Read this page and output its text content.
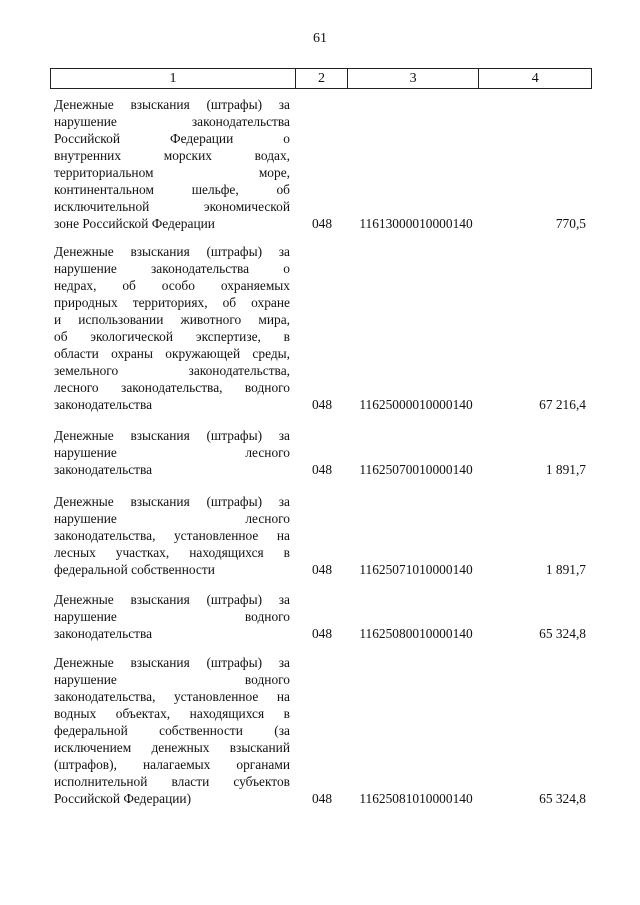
61
1	2	3	4
Денежные взыскания (штрафы) за
нарушение законодательства
Российской Федерации о
внутренних морских водах,
территориальном море,
континентальном шельфе, об
исключительной экономической
зоне Российской Федерации	048	11613000010000140	770,5
Денежные взыскания (штрафы) за
нарушение законодательства о
недрах, об особо охраняемых
природных территориях, об охране
и использовании животного мира,
об экологической экспертизе, в
области охраны окружающей среды,
земельного законодательства,
лесного законодательства, водного
законодательства	048	11625000010000140	67 216,4
Денежные взыскания (штрафы) за
нарушение лесного
законодательства	048	11625070010000140	1 891,7
Денежные взыскания (штрафы) за
нарушение лесного
законодательства, установленное на
лесных участках, находящихся в
федеральной собственности	048	11625071010000140	1 891,7
Денежные взыскания (штрафы) за
нарушение водного
законодательства	048	11625080010000140	65 324,8
Денежные взыскания (штрафы) за
нарушение водного
законодательства, установленное на
водных объектах, находящихся в
федеральной собственности (за
исключением денежных взысканий
(штрафов), налагаемых органами
исполнительной власти субъектов
Российской Федерации)	048	11625081010000140	65 324,8
